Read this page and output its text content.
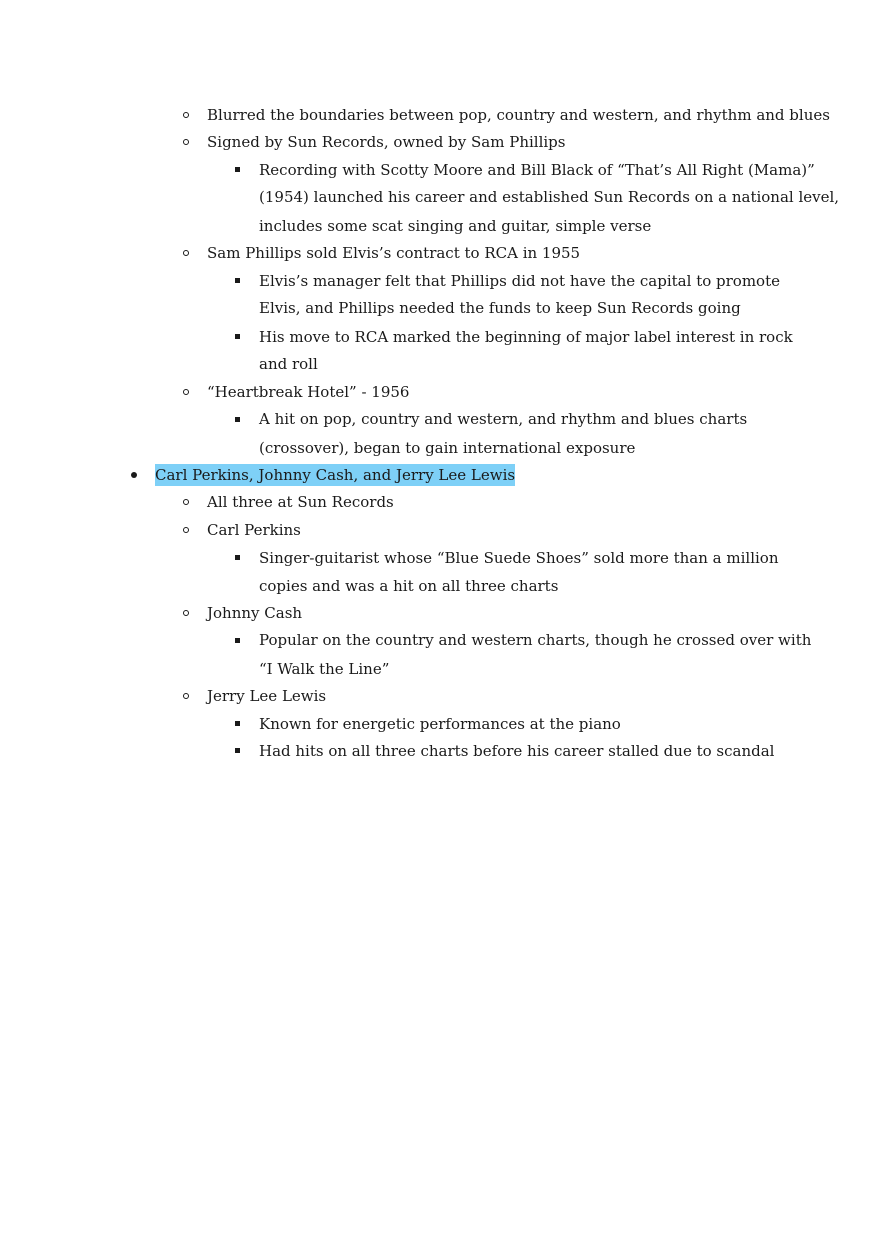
Blurred the boundaries between pop, country and western, and rhythm and blues
Signed by Sun Records, owned by Sam Phillips
Recording with Scotty Moore and Bill Black of “That’s All Right (Mama)”
(1954) launched his career and established Sun Records on a national level,
includes some scat singing and guitar, simple verse
Sam Phillips sold Elvis’s contract to RCA in 1955
Elvis’s manager felt that Phillips did not have the capital to promote
Elvis, and Phillips needed the funds to keep Sun Records going
His move to RCA marked the beginning of major label interest in rock
and roll
“Heartbreak Hotel” - 1956
A hit on pop, country and western, and rhythm and blues charts
(crossover), began to gain international exposure
Carl Perkins, Johnny Cash, and Jerry Lee Lewis
All three at Sun Records
Carl Perkins
Singer-guitarist whose “Blue Suede Shoes” sold more than a million
copies and was a hit on all three charts
Johnny Cash
Popular on the country and western charts, though he crossed over with
“I Walk the Line”
Jerry Lee Lewis
Known for energetic performances at the piano
Had hits on all three charts before his career stalled due to scandal
